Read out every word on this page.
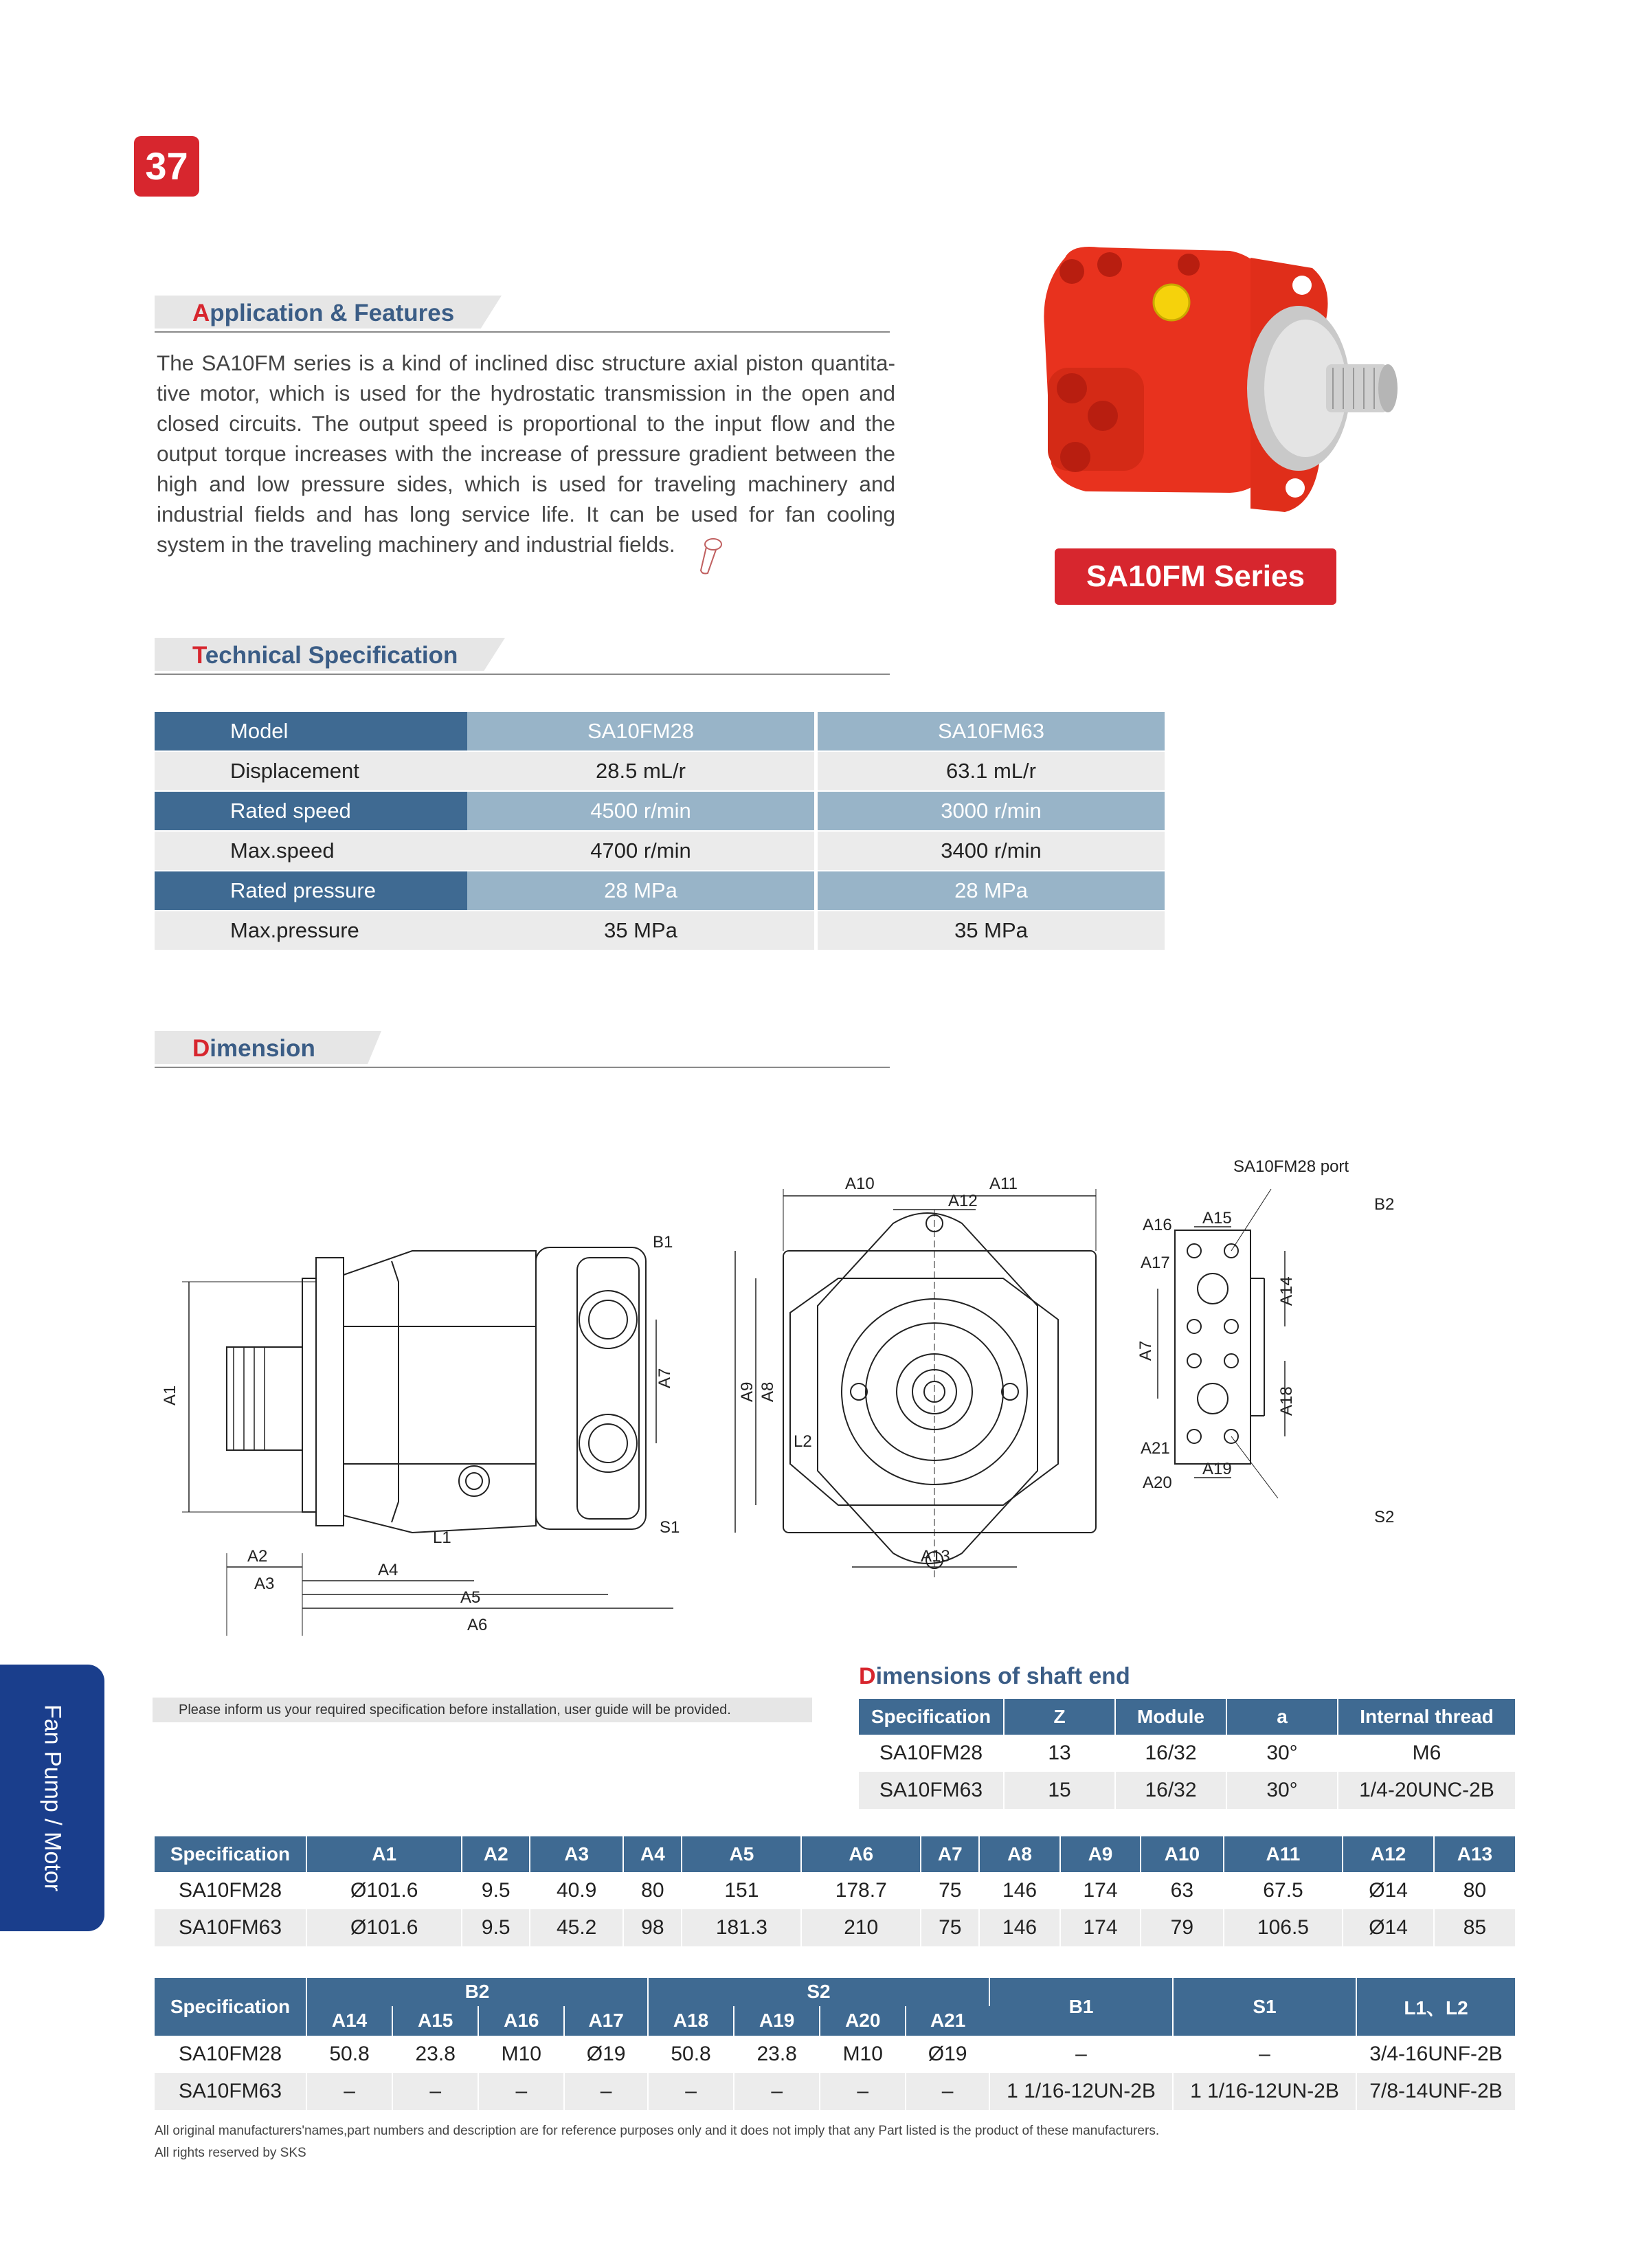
37
Application & Features
The SA10FM series is a kind of inclined disc structure axial piston quantita-tive motor, which is used for the hydrostatic transmission in the open and closed circuits. The output speed is proportional to the input flow and the output torque increases with the increase of pressure gradient between the high and low pressure sides, which is used for traveling machinery and industrial fields and has long service life. It can be used for fan cooling system in the traveling machinery and industrial fields.
SA10FM Series
Technical Specification
Model	SA10FM28	SA10FM63
Displacement	28.5 mL/r	63.1 mL/r
Rated speed	4500 r/min	3000 r/min
Max.speed	4700 r/min	3400 r/min
Rated pressure	28 MPa	28 MPa
Max.pressure	35 MPa	35 MPa
Dimension
SA10FM28 port
A1
A2
A3
A4
A5
A6
A7
B1
S1
L1
A10	A11
A12
A9 A8
L2
A13
B2
A15
A16
A17
A14
A7
A18
A21
A20
S2
A19
Dimensions of shaft end
Specification	Z	Module	a	Internal thread
SA10FM28	13	16/32	30°	M6
SA10FM63	15	16/32	30°	1/4-20UNC-2B
Please inform us your required specification before installation, user guide will be provided.
Fan Pump / Motor	Specification	A1	A2	A3	A4	A5	A6	A7	A8	A9	A10	A11	A12	A13
SA10FM28	Ø101.6	9.5	40.9	80	151	178.7	75	146	174	63	67.5	Ø14	80
SA10FM63	Ø101.6	9.5	45.2	98	181.3	210	75	146	174	79	106.5	Ø14	85
Specification	B2				S2				B1	S1	L1、L2
	A14	A15	A16	A17	A18	A19	A20	A21			
SA10FM28	50.8	23.8	M10	Ø19	50.8	23.8	M10	Ø19	–	–	3/4-16UNF-2B
SA10FM63	–	–	–	–	–	–	–	–	1 1/16-12UN-2B	1 1/16-12UN-2B	7/8-14UNF-2B
All original manufacturers'names,part numbers and description are for reference purposes only and it does not imply that any Part listed is the product of these manufacturers.
All rights reserved by SKS
